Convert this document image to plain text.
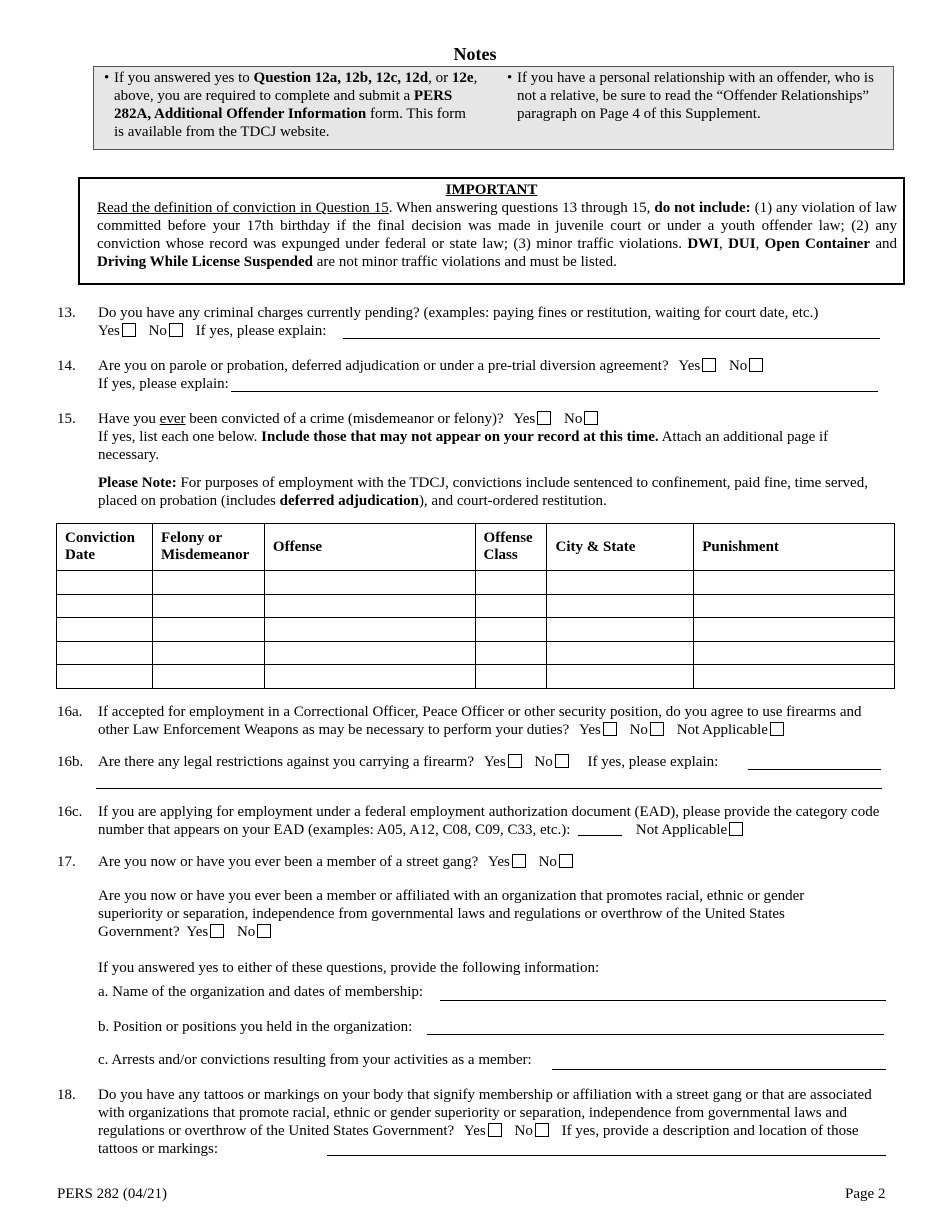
Notes
• If you answered yes to Question 12a, 12b, 12c, 12d, or 12e, above, you are required to complete and submit a PERS 282A, Additional Offender Information form. This form is available from the TDCJ website.
• If you have a personal relationship with an offender, who is not a relative, be sure to read the “Offender Relationships” paragraph on Page 4 of this Supplement.
IMPORTANT
Read the definition of conviction in Question 15. When answering questions 13 through 15, do not include: (1) any violation of law committed before your 17th birthday if the final decision was made in juvenile court or under a youth offender law; (2) any conviction whose record was expunged under federal or state law; (3) minor traffic violations. DWI, DUI, Open Container and Driving While License Suspended are not minor traffic violations and must be listed.
13. Do you have any criminal charges currently pending? (examples: paying fines or restitution, waiting for court date, etc.)
Yes No If yes, please explain:
14. Are you on parole or probation, deferred adjudication or under a pre-trial diversion agreement? Yes No
If yes, please explain:
15. Have you ever been convicted of a crime (misdemeanor or felony)? Yes No
If yes, list each one below. Include those that may not appear on your record at this time. Attach an additional page if necessary.
Please Note: For purposes of employment with the TDCJ, convictions include sentenced to confinement, paid fine, time served, placed on probation (includes deferred adjudication), and court-ordered restitution.
Conviction Date	Felony or Misdemeanor	Offense	Offense Class	City & State	Punishment

16a. If accepted for employment in a Correctional Officer, Peace Officer or other security position, do you agree to use firearms and other Law Enforcement Weapons as may be necessary to perform your duties? Yes No Not Applicable
16b. Are there any legal restrictions against you carrying a firearm? Yes No If yes, please explain:
16c. If you are applying for employment under a federal employment authorization document (EAD), please provide the category code number that appears on your EAD (examples: A05, A12, C08, C09, C33, etc.):	Not Applicable
17. Are you now or have you ever been a member of a street gang? Yes No
Are you now or have you ever been a member or affiliated with an organization that promotes racial, ethnic or gender superiority or separation, independence from governmental laws and regulations or overthrow of the United States Government? Yes No
If you answered yes to either of these questions, provide the following information:
a. Name of the organization and dates of membership:
b. Position or positions you held in the organization:
c. Arrests and/or convictions resulting from your activities as a member:
18. Do you have any tattoos or markings on your body that signify membership or affiliation with a street gang or that are associated with organizations that promote racial, ethnic or gender superiority or separation, independence from governmental laws and regulations or overthrow of the United States Government? Yes No If yes, provide a description and location of those tattoos or markings:
PERS 282 (04/21)	Page 2
